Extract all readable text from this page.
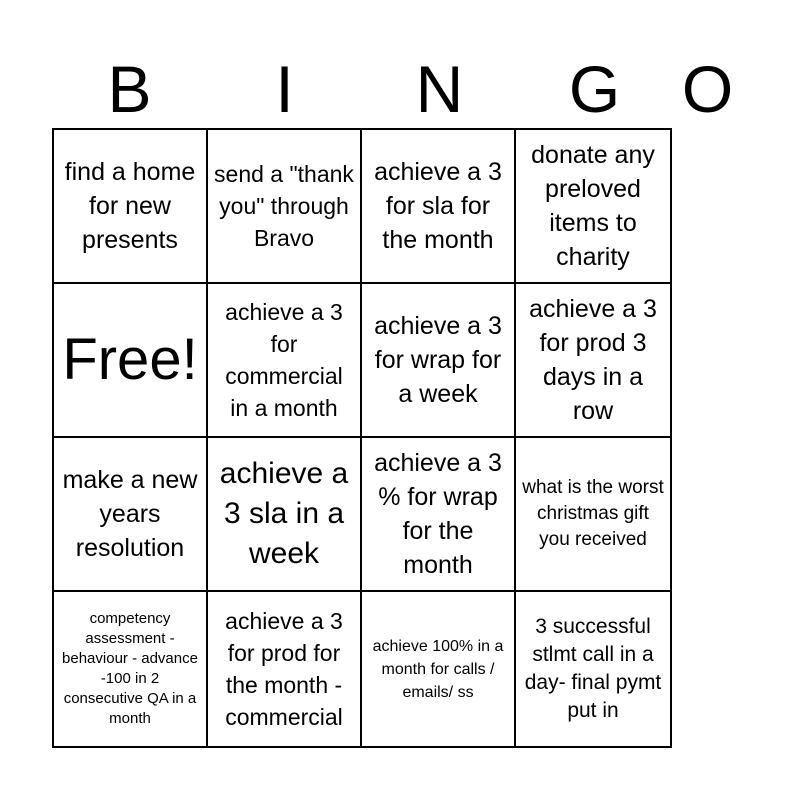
B	I	N	G O
find a home for new presents
send a "thank you" through Bravo
achieve a 3 for sla for the month
donate any preloved items to charity
Free!
achieve a 3 for commercial in a month
achieve a 3 for wrap for a week
achieve a 3 for prod 3 days in a row
make a new years resolution
achieve a 3 sla in a week
achieve a 3 % for wrap for the month
what is the worst christmas gift you received
competency assessment - behaviour - advance -100 in 2 consecutive QA in a month
achieve a 3 for prod for the month - commercial
achieve 100% in a month for calls / emails/ ss
3 successful stlmt call in a day- final pymt put in
